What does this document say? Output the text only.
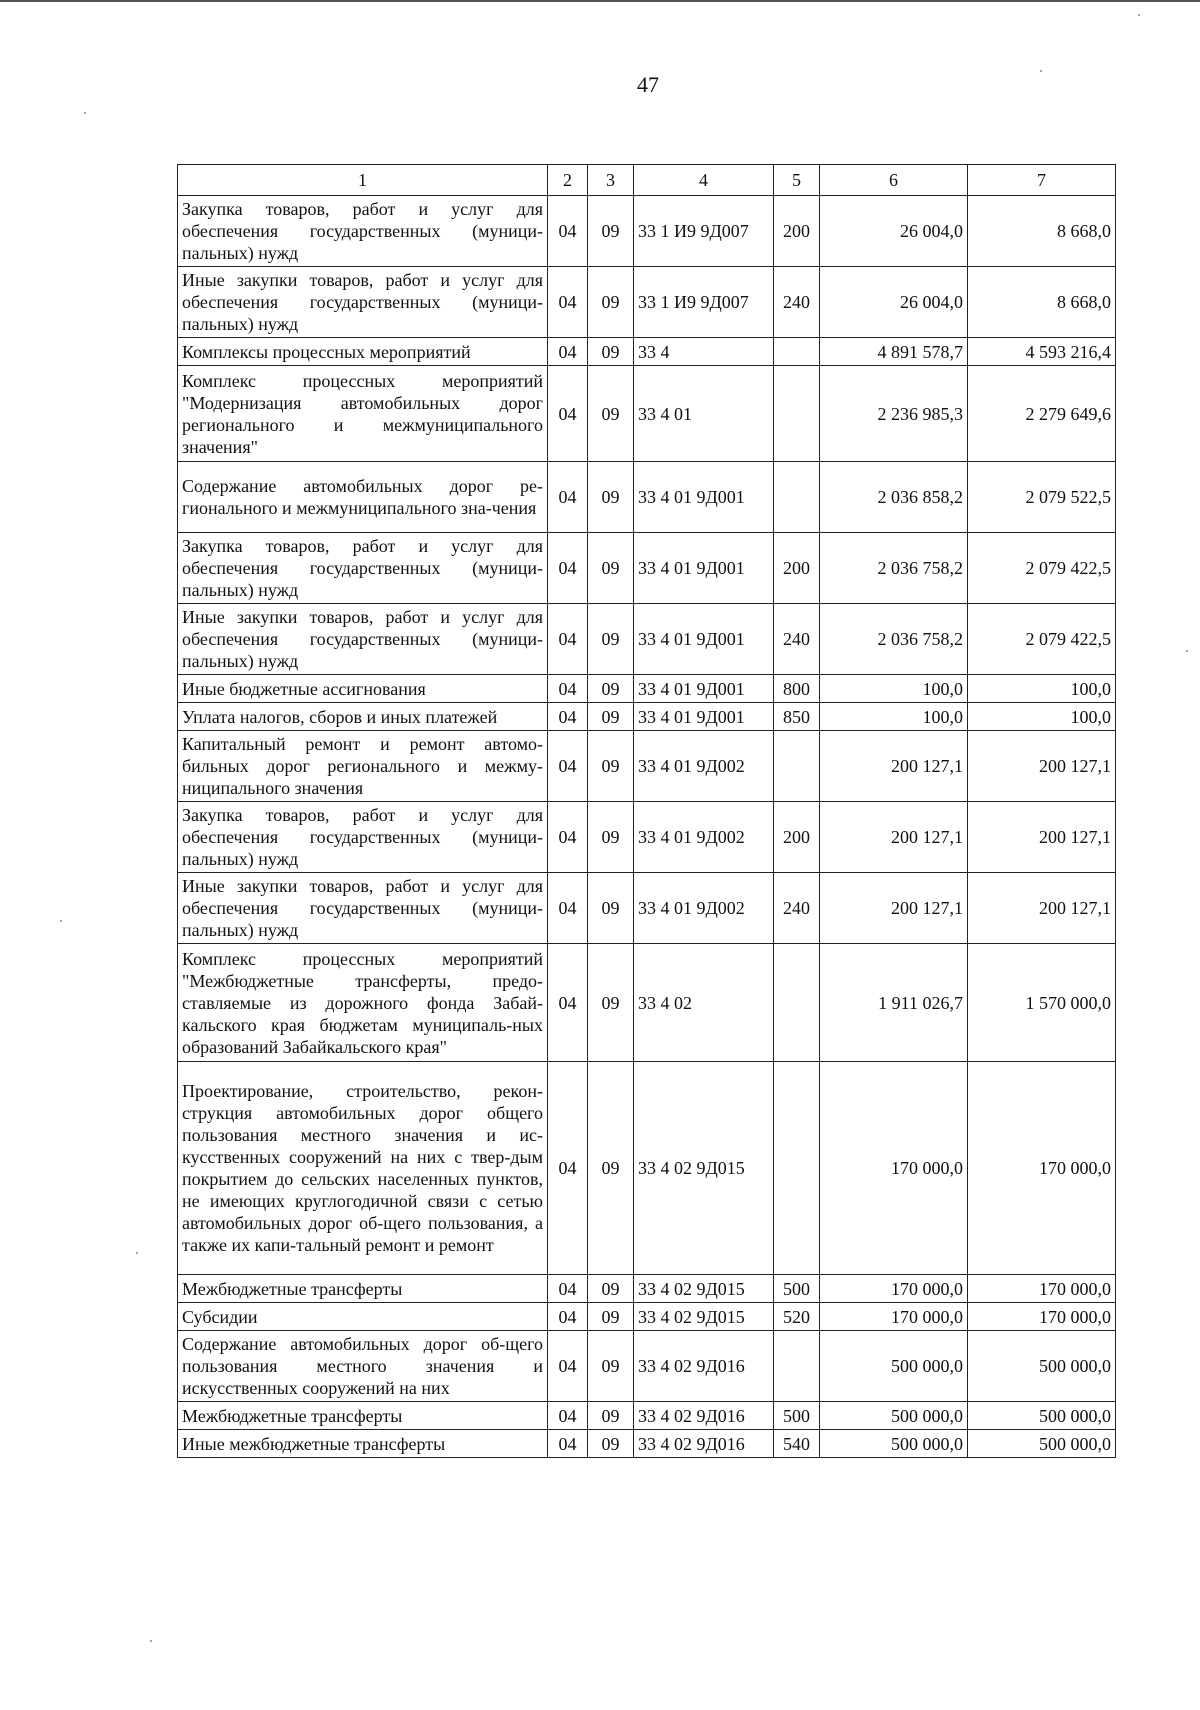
47
1	2	3	4	5	6	7
Закупка товаров, работ и услуг для обеспечения государственных (муници-пальных) нужд	04	09	33 1 И9 9Д007	200	26 004,0	8 668,0
Иные закупки товаров, работ и услуг для обеспечения государственных (муници-пальных) нужд	04	09	33 1 И9 9Д007	240	26 004,0	8 668,0
Комплексы процессных мероприятий	04	09	33 4		4 891 578,7	4 593 216,4
Комплекс процессных мероприятий "Модернизация автомобильных дорог регионального и межмуниципального значения"	04	09	33 4 01		2 236 985,3	2 279 649,6
Содержание автомобильных дорог ре-гионального и межмуниципального зна-чения	04	09	33 4 01 9Д001		2 036 858,2	2 079 522,5
Закупка товаров, работ и услуг для обеспечения государственных (муници-пальных) нужд	04	09	33 4 01 9Д001	200	2 036 758,2	2 079 422,5
Иные закупки товаров, работ и услуг для обеспечения государственных (муници-пальных) нужд	04	09	33 4 01 9Д001	240	2 036 758,2	2 079 422,5
Иные бюджетные ассигнования	04	09	33 4 01 9Д001	800	100,0	100,0
Уплата налогов, сборов и иных платежей	04	09	33 4 01 9Д001	850	100,0	100,0
Капитальный ремонт и ремонт автомо-бильных дорог регионального и межму-ниципального значения	04	09	33 4 01 9Д002		200 127,1	200 127,1
Закупка товаров, работ и услуг для обеспечения государственных (муници-пальных) нужд	04	09	33 4 01 9Д002	200	200 127,1	200 127,1
Иные закупки товаров, работ и услуг для обеспечения государственных (муници-пальных) нужд	04	09	33 4 01 9Д002	240	200 127,1	200 127,1
Комплекс процессных мероприятий "Межбюджетные трансферты, предо-ставляемые из дорожного фонда Забай-кальского края бюджетам муниципаль-ных образований Забайкальского края"	04	09	33 4 02		1 911 026,7	1 570 000,0
Проектирование, строительство, рекон-струкция автомобильных дорог общего пользования местного значения и ис-кусственных сооружений на них с твер-дым покрытием до сельских населенных пунктов, не имеющих круглогодичной связи с сетью автомобильных дорог об-щего пользования, а также их капи-тальный ремонт и ремонт	04	09	33 4 02 9Д015		170 000,0	170 000,0
Межбюджетные трансферты	04	09	33 4 02 9Д015	500	170 000,0	170 000,0
Субсидии	04	09	33 4 02 9Д015	520	170 000,0	170 000,0
Содержание автомобильных дорог об-щего пользования местного значения и искусственных сооружений на них	04	09	33 4 02 9Д016		500 000,0	500 000,0
Межбюджетные трансферты	04	09	33 4 02 9Д016	500	500 000,0	500 000,0
Иные межбюджетные трансферты	04	09	33 4 02 9Д016	540	500 000,0	500 000,0
